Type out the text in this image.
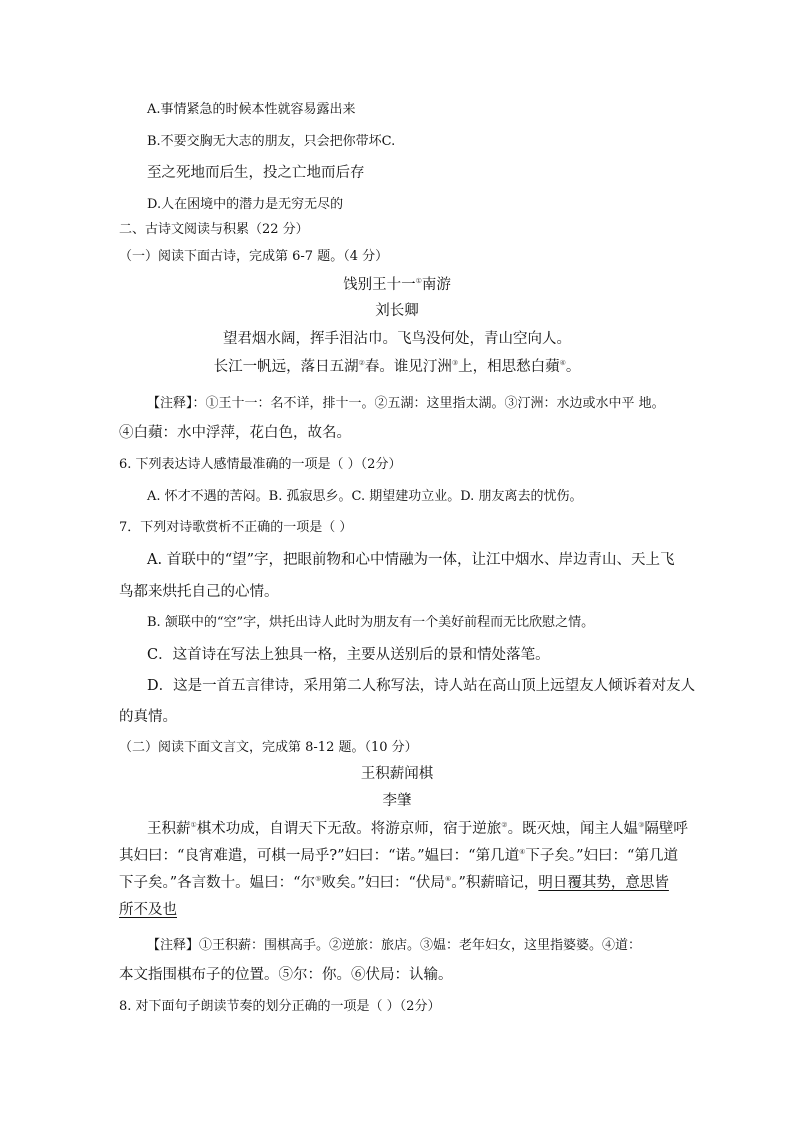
A.事情紧急的时候本性就容易露出来
B.不要交胸无大志的朋友，只会把你带坏C.
至之死地而后生，投之亡地而后存
D.人在困境中的潜力是无穷无尽的
二、古诗文阅读与积累（22 分）
（一）阅读下面古诗，完成第 6-7 题。（4 分）
饯别王十一①南游
刘长卿
望君烟水阔，挥手泪沾巾。飞鸟没何处，青山空向人。
长江一帆远，落日五湖②春。谁见汀洲③上，相思愁白蘋④。
【注释】：①王十一：名不详，排十一。②五湖：这里指太湖。③汀洲：水边或水中平 地。
④白蘋：水中浮萍，花白色，故名。
6. 下列表达诗人感情最准确的一项是（ ）（2分）
A. 怀才不遇的苦闷。B. 孤寂思乡。C. 期望建功立业。D. 朋友离去的忧伤。
7．下列对诗歌赏析不正确的一项是（ ）
A. 首联中的“望”字，把眼前物和心中情融为一体，让江中烟水、岸边青山、天上飞
鸟都来烘托自己的心情。
B. 颔联中的“空”字，烘托出诗人此时为朋友有一个美好前程而无比欣慰之情。
C．这首诗在写法上独具一格，主要从送别后的景和情处落笔。
D．这是一首五言律诗，采用第二人称写法，诗人站在高山顶上远望友人倾诉着对友人
的真情。
（二）阅读下面文言文，完成第 8-12 题。（10 分）
王积薪闻棋
李肇
王积薪①棋术功成，自谓天下无敌。将游京师，宿于逆旅②。既灭烛，闻主人媪③隔壁呼
其妇曰：“良宵难遣，可棋一局乎?”妇曰：“诺。”媪曰：“第几道④下子矣。”妇曰：“第几道
下子矣。”各言数十。媪曰：“尔⑤败矣。”妇曰：“伏局⑥。”积薪暗记，明日覆其势，意思皆
所不及也
【注释】①王积薪：围棋高手。②逆旅：旅店。③媪：老年妇女，这里指婆婆。④道：
本文指围棋布子的位置。⑤尔：你。⑥伏局：认输。
8. 对下面句子朗读节奏的划分正确的一项是（ ）（2分）
